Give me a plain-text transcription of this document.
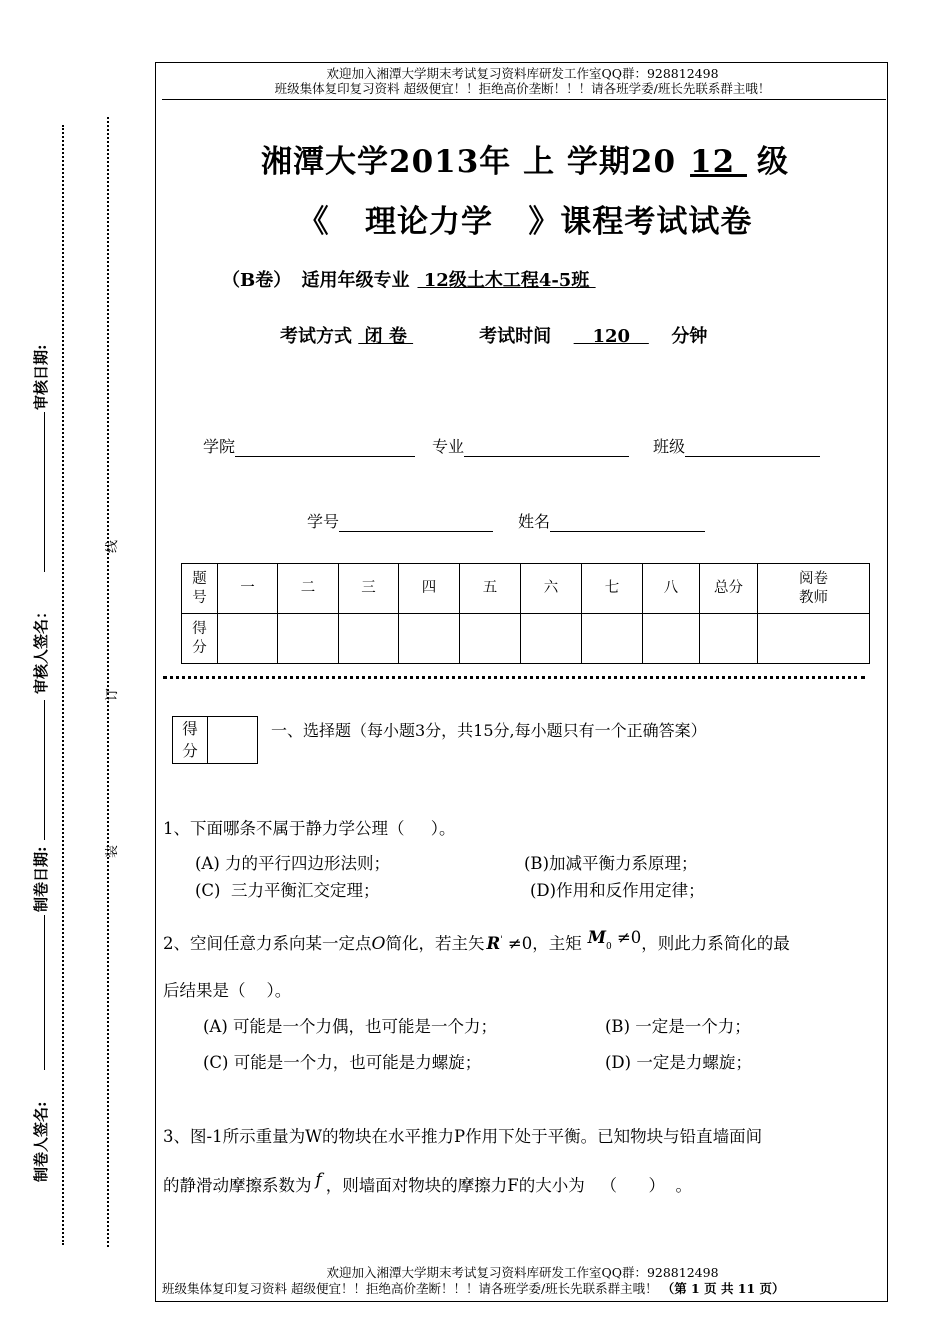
欢迎加入湘潭大学期末考试复习资料库研发工作室QQ群：928812498
班级集体复印复习资料 超级便宜！！拒绝高价垄断！！！请各班学委/班长先联系群主哦！
湘潭大学2013年 上 学期20 12 级
《   理论力学   》课程考试试卷
（B卷） 适用年级专业 12级土木工程4-5班
考试方式  闭 卷	考试时间     120     分钟
学院	专业	班级
学号	姓名
题号	一	二	三	四	五	六	七	八	总分	阅卷教师

得分										

得分
一、选择题（每小题3分，共15分,每小题只有一个正确答案）
1、下面哪条不属于静力学公理（     ）。
(A) 力的平行四边形法则；	(B)加减平衡力系原理；
(C)  三力平衡汇交定理；	(D)作用和反作用定律；
2、空间任意力系向某一定点O简化，若主矢 R' ≠0，主矩 $M_0 \ne 0$，则此力系简化的最
后结果是（    ）。
(A) 可能是一个力偶，也可能是一个力；	(B) 一定是一个力；
(C) 可能是一个力，也可能是力螺旋；	(D) 一定是力螺旋；
3、图-1所示重量为W的物块在水平推力P作用下处于平衡。已知物块与铅直墙面间
的静滑动摩擦系数为 f ，则墙面对物块的摩擦力F的大小为   （      ）  。
欢迎加入湘潭大学期末考试复习资料库研发工作室QQ群：928812498
班级集体复印复习资料 超级便宜！！拒绝高价垄断！！！请各班学委/班长先联系群主哦！ （第 1 页 共 11 页）
审核日期:
审核人签名：
制卷日期:
制卷人签名:
线
订
装
